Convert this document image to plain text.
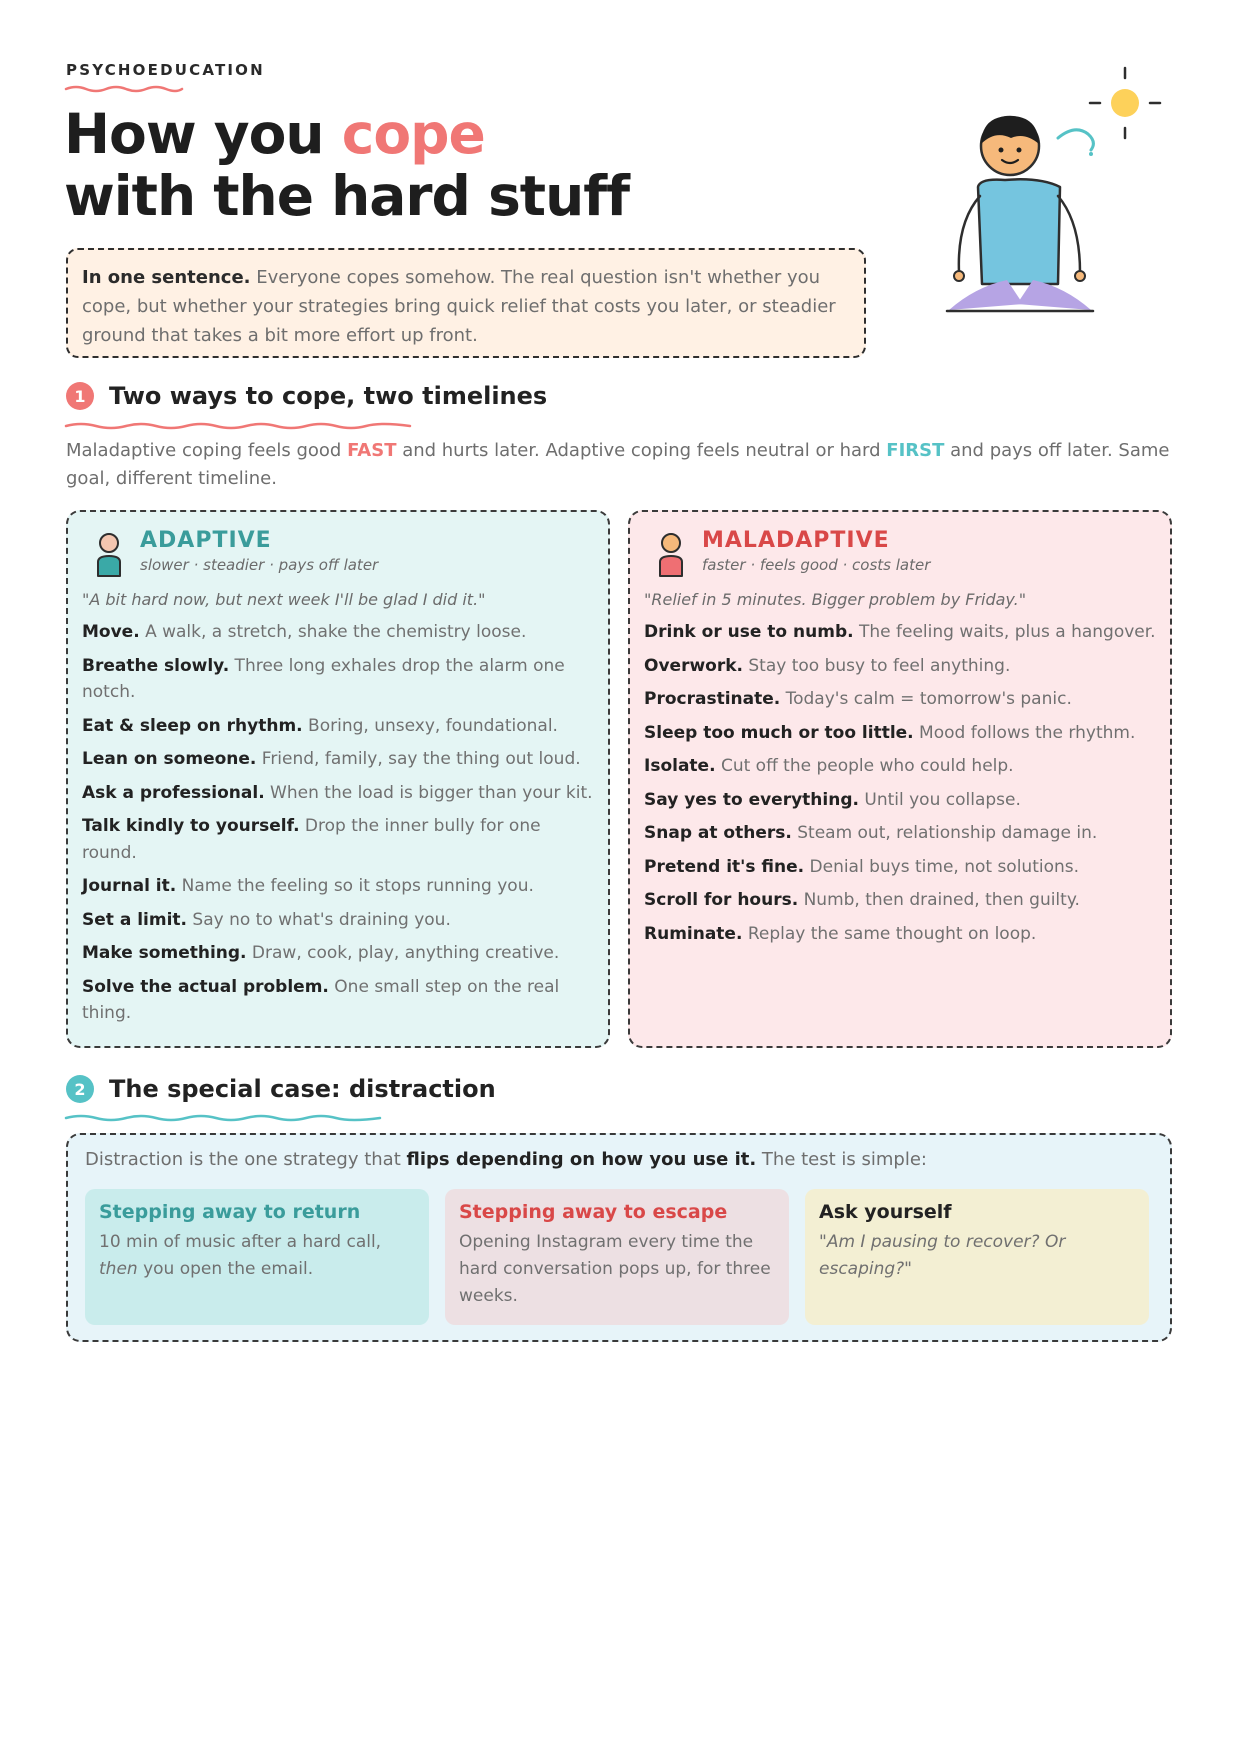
PSYCHOEDUCATION
How you cope
with the hard stuff
In one sentence. Everyone copes somehow. The real question isn't whether you cope, but whether your strategies bring quick relief that costs you later, or steadier ground that takes a bit more effort up front.
1 Two ways to cope, two timelines
Maladaptive coping feels good FAST and hurts later. Adaptive coping feels neutral or hard FIRST and pays off later. Same goal, different timeline.
ADAPTIVE
slower · steadier · pays off later
"A bit hard now, but next week I'll be glad I did it."
Move. A walk, a stretch, shake the chemistry loose.
Breathe slowly. Three long exhales drop the alarm one notch.
Eat & sleep on rhythm. Boring, unsexy, foundational.
Lean on someone. Friend, family, say the thing out loud.
Ask a professional. When the load is bigger than your kit.
Talk kindly to yourself. Drop the inner bully for one round.
Journal it. Name the feeling so it stops running you.
Set a limit. Say no to what's draining you.
Make something. Draw, cook, play, anything creative.
Solve the actual problem. One small step on the real thing.
MALADAPTIVE
faster · feels good · costs later
"Relief in 5 minutes. Bigger problem by Friday."
Drink or use to numb. The feeling waits, plus a hangover.
Overwork. Stay too busy to feel anything.
Procrastinate. Today's calm = tomorrow's panic.
Sleep too much or too little. Mood follows the rhythm.
Isolate. Cut off the people who could help.
Say yes to everything. Until you collapse.
Snap at others. Steam out, relationship damage in.
Pretend it's fine. Denial buys time, not solutions.
Scroll for hours. Numb, then drained, then guilty.
Ruminate. Replay the same thought on loop.
2 The special case: distraction

Distraction is the one strategy that flips depending on how you use it. The test is simple:

Stepping away to return

10 min of music after a hard call, then you open the email.

Stepping away to escape

Opening Instagram every time the hard conversation pops up, for three weeks.

Ask yourself

"Am I pausing to recover? Or escaping?"
